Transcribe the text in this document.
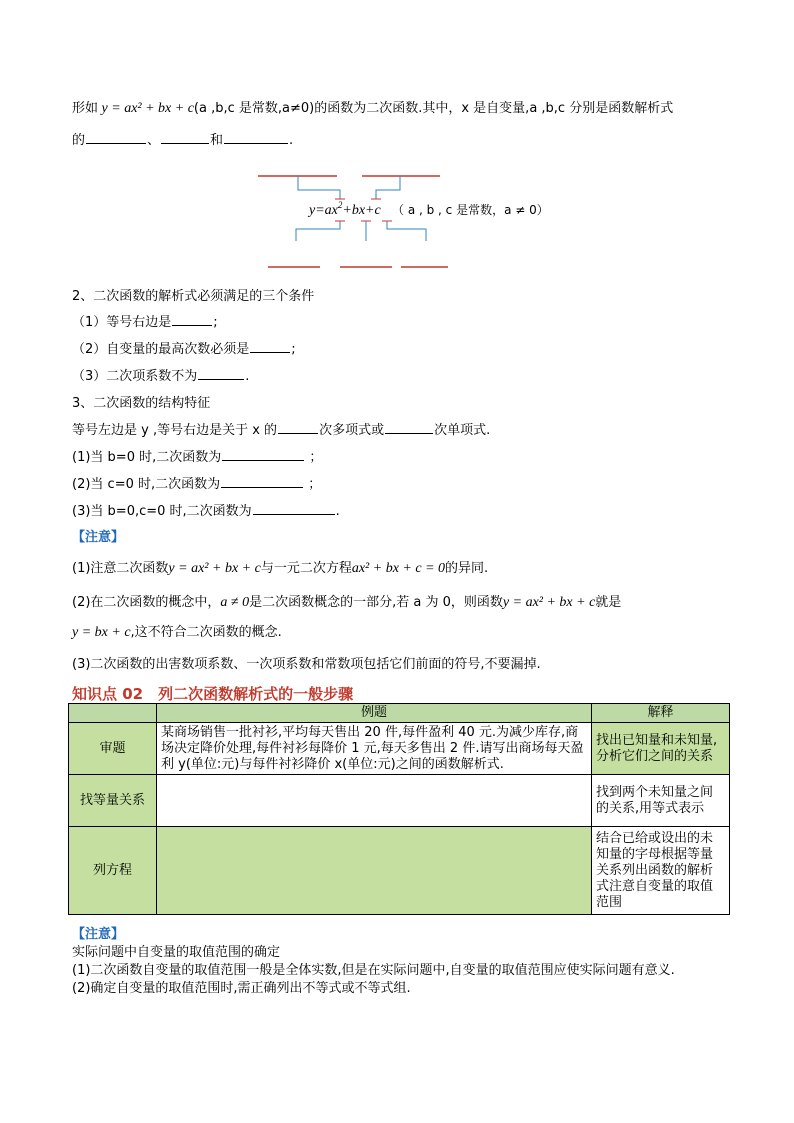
形如 y = ax² + bx + c(a ,b,c 是常数,a≠0)的函数为二次函数.其中，x 是自变量,a ,b,c 分别是函数解析式
的	、	和	.
$y=ax^2+bx+c$ （ a , b , c 是常数，a ≠ 0）
2、二次函数的解析式必须满足的三个条件
（1）等号右边是	;
（2）自变量的最高次数必须是	;
（3）二次项系数不为	.
3、二次函数的结构特征
等号左边是 y ,等号右边是关于 x 的	次多项式或	次单项式.
(1)当 b=0 时,二次函数为	；
(2)当 c=0 时,二次函数为	；
(3)当 b=0,c=0 时,二次函数为	.
【注意】
(1)注意二次函数y = ax² + bx + c与一元二次方程ax² + bx + c = 0的异同.
(2)在二次函数的概念中，a ≠ 0是二次函数概念的一部分,若 a 为 0，则函数y = ax² + bx + c就是
y = bx + c,这不符合二次函数的概念.
(3)二次函数的出害数项系数、一次项系数和常数项包括它们前面的符号,不要漏掉.
知识点 02　列二次函数解析式的一般步骤
	例题	解释
审题	某商场销售一批衬衫,平均每天售出 20 件,每件盈利 40 元.为减少库存,商场决定降价处理,每件衬衫每降价 1 元,每天多售出 2 件.请写出商场每天盈利 y(单位:元)与每件衬衫降价 x(单位:元)之间的函数解析式.	找出已知量和未知量,分析它们之间的关系
找等量关系		找到两个未知量之间的关系,用等式表示
列方程		结合已给或设出的未知量的字母根据等量关系列出函数的解析式注意自变量的取值范围
【注意】
实际问题中自变量的取值范围的确定
(1)二次函数自变量的取值范围一般是全体实数,但是在实际问题中,自变量的取值范围应使实际问题有意义.
(2)确定自变量的取值范围时,需正确列出不等式或不等式组.
